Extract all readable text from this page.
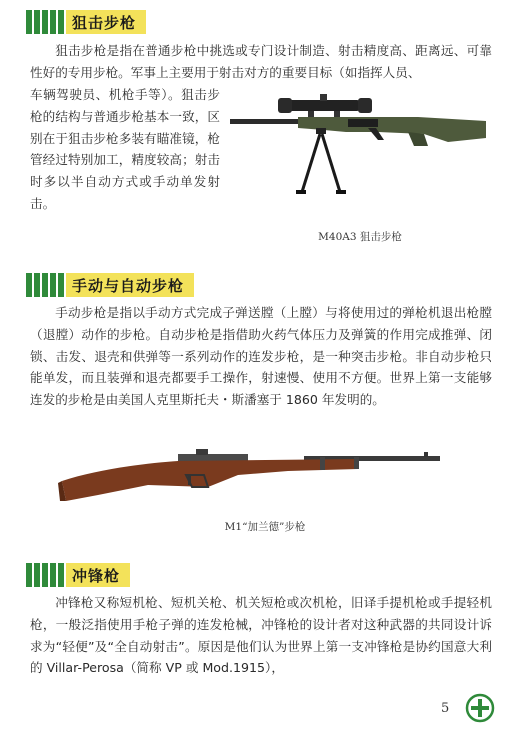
狙击步枪
狙击步枪是指在普通步枪中挑选或专门设计制造、射击精度高、距离远、可靠性好的专用步枪。军事上主要用于射击对方的重要目标（如指挥人员、
车辆驾驶员、机枪手等）。狙击步枪的结构与普通步枪基本一致，区别在于狙击步枪多装有瞄准镜，枪管经过特别加工，精度较高；射击时多以半自动方式或手动单发射击。
M40A3 狙击步枪
手动与自动步枪
手动步枪是指以手动方式完成子弹送膛（上膛）与将使用过的弹枪机退出枪膛（退膛）动作的步枪。自动步枪是指借助火药气体压力及弹簧的作用完成推弹、闭锁、击发、退壳和供弹等一系列动作的连发步枪，是一种突击步枪。非自动步枪只能单发，而且装弹和退壳都要手工操作，射速慢、使用不方便。世界上第一支能够连发的步枪是由美国人克里斯托夫・斯潘塞于 1860 年发明的。
M1“加兰德”步枪
冲锋枪
冲锋枪又称短机枪、短机关枪、机关短枪或次机枪，旧译手提机枪或手提轻机枪，一般泛指使用手枪子弹的连发枪械，冲锋枪的设计者对这种武器的共同设计诉求为“轻便”及“全自动射击”。原因是他们认为世界上第一支冲锋枪是协约国意大利的 Villar-Perosa（简称 VP 或 Mod.1915），
5
